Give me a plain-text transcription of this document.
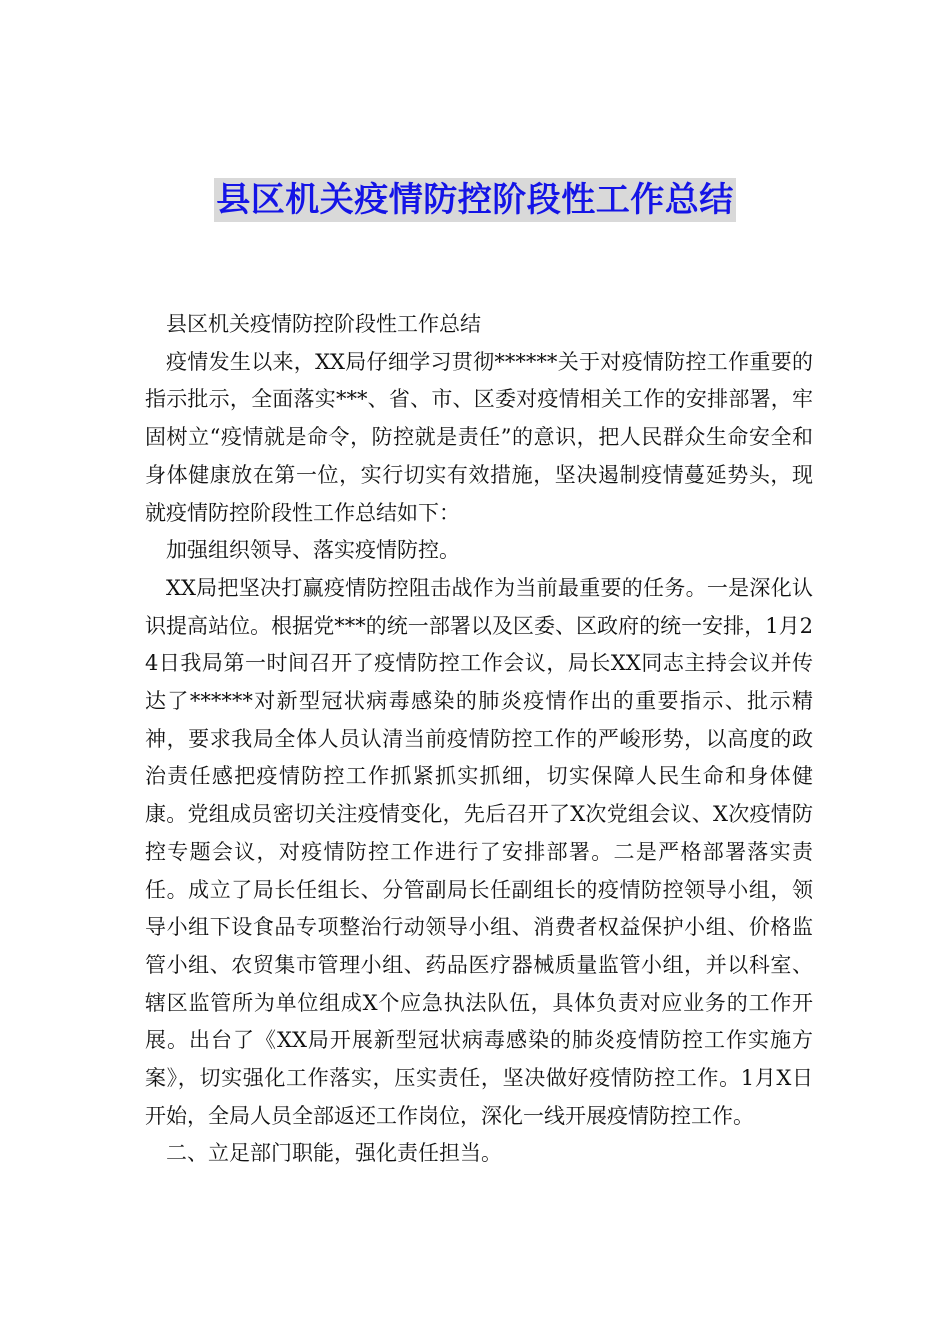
县区机关疫情防控阶段性工作总结

县区机关疫情防控阶段性工作总结

疫情发生以来，XX局仔细学习贯彻******关于对疫情防控工作重要的指示批示，全面落实***、省、市、区委对疫情相关工作的安排部署，牢固树立“疫情就是命令，防控就是责任”的意识，把人民群众生命安全和身体健康放在第一位，实行切实有效措施，坚决遏制疫情蔓延势头，现就疫情防控阶段性工作总结如下：

加强组织领导、落实疫情防控。

XX局把坚决打赢疫情防控阻击战作为当前最重要的任务。一是深化认识提高站位。根据党***的统一部署以及区委、区政府的统一安排，1月24日我局第一时间召开了疫情防控工作会议，局长XX同志主持会议并传达了******对新型冠状病毒感染的肺炎疫情作出的重要指示、批示精神，要求我局全体人员认清当前疫情防控工作的严峻形势，以高度的政治责任感把疫情防控工作抓紧抓实抓细，切实保障人民生命和身体健康。党组成员密切关注疫情变化，先后召开了X次党组会议、X次疫情防控专题会议，对疫情防控工作进行了安排部署。二是严格部署落实责任。成立了局长任组长、分管副局长任副组长的疫情防控领导小组，领导小组下设食品专项整治行动领导小组、消费者权益保护小组、价格监管小组、农贸集市管理小组、药品医疗器械质量监管小组，并以科室、辖区监管所为单位组成X个应急执法队伍，具体负责对应业务的工作开展。出台了《XX局开展新型冠状病毒感染的肺炎疫情防控工作实施方案》，切实强化工作落实，压实责任，坚决做好疫情防控工作。1月X日开始，全局人员全部返还工作岗位，深化一线开展疫情防控工作。

二、立足部门职能，强化责任担当。
